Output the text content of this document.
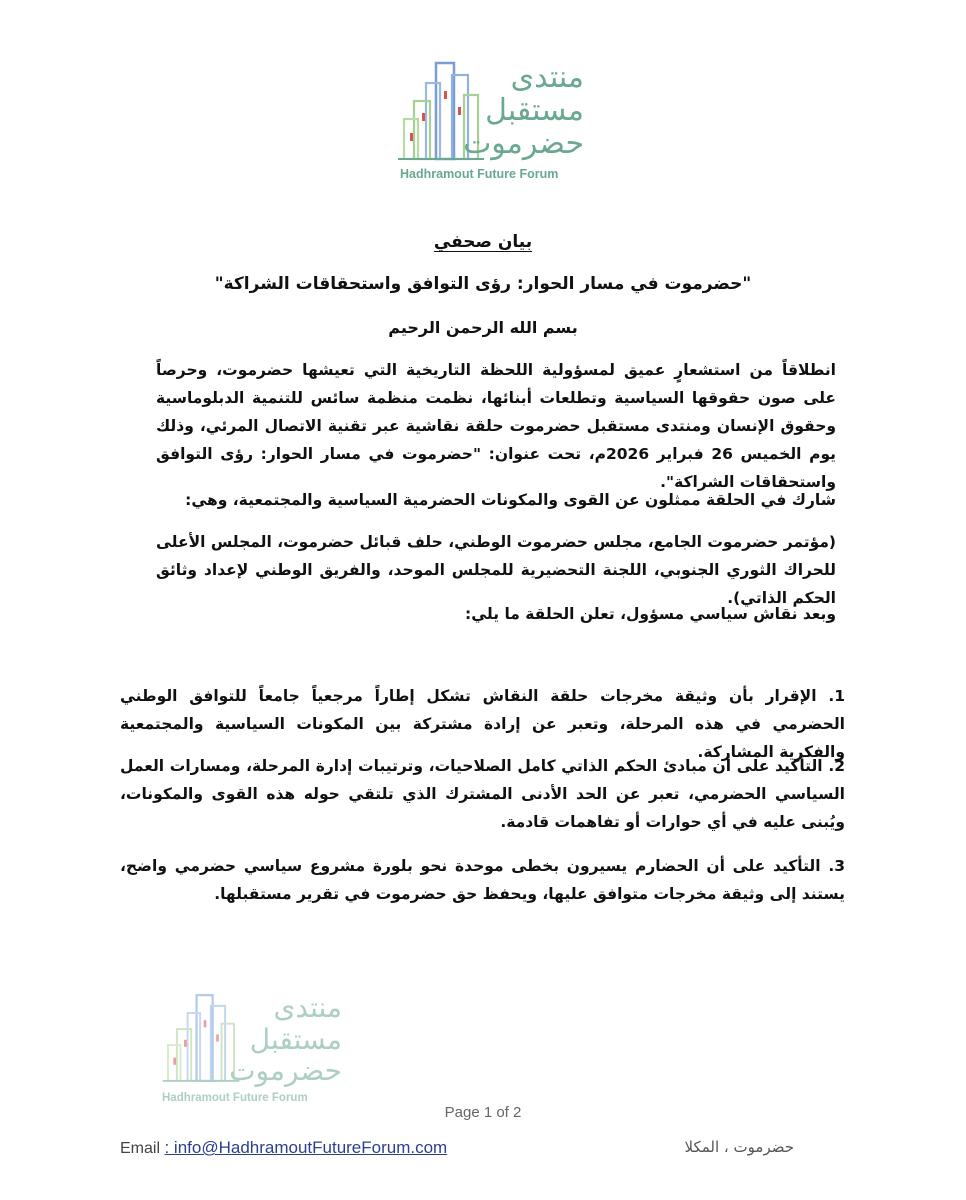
منتدى
مستقبل
حضرموت
Hadhramout Future Forum
بيان صحفي
"حضرموت في مسار الحوار: رؤى التوافق واستحقاقات الشراكة"
بسم الله الرحمن الرحيم
انطلاقاً من استشعارٍ عميق لمسؤولية اللحظة التاريخية التي تعيشها حضرموت، وحرصاً على صون حقوقها السياسية وتطلعات أبنائها، نظمت منظمة سائس للتنمية الدبلوماسية وحقوق الإنسان ومنتدى مستقبل حضرموت حلقة نقاشية عبر تقنية الاتصال المرئي، وذلك يوم الخميس 26 فبراير 2026م، تحت عنوان: "حضرموت في مسار الحوار: رؤى التوافق واستحقاقات الشراكة".
شارك في الحلقة ممثلون عن القوى والمكونات الحضرمية السياسية والمجتمعية، وهي:
(مؤتمر حضرموت الجامع، مجلس حضرموت الوطني، حلف قبائل حضرموت، المجلس الأعلى للحراك الثوري الجنوبي، اللجنة التحضيرية للمجلس الموحد، والفريق الوطني لإعداد وثائق الحكم الذاتي).
وبعد نقاش سياسي مسؤول، تعلن الحلقة ما يلي:
1. الإقرار بأن وثيقة مخرجات حلقة النقاش تشكل إطاراً مرجعياً جامعاً للتوافق الوطني الحضرمي في هذه المرحلة، وتعبر عن إرادة مشتركة بين المكونات السياسية والمجتمعية والفكرية المشاركة.
2. التأكيد على أن مبادئ الحكم الذاتي كامل الصلاحيات، وترتيبات إدارة المرحلة، ومسارات العمل السياسي الحضرمي، تعبر عن الحد الأدنى المشترك الذي تلتقي حوله هذه القوى والمكونات، ويُبنى عليه في أي حوارات أو تفاهمات قادمة.
3. التأكيد على أن الحضارم يسيرون بخطى موحدة نحو بلورة مشروع سياسي حضرمي واضح، يستند إلى وثيقة مخرجات متوافق عليها، ويحفظ حق حضرموت في تقرير مستقبلها.
منتدى
مستقبل
حضرموت
Hadhramout Future Forum
Page 1 of 2
Email : info@HadhramoutFutureForum.com	حضرموت ، المكلا
